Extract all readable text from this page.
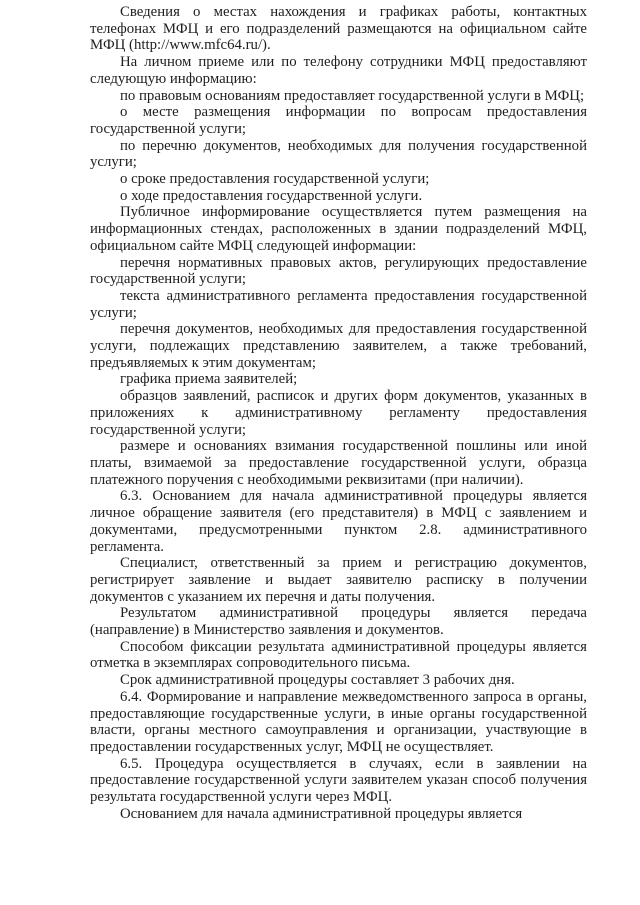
Сведения о местах нахождения и графиках работы, контактных телефонах МФЦ и его подразделений размещаются на официальном сайте МФЦ (http://www.mfc64.ru/).

На личном приеме или по телефону сотрудники МФЦ предоставляют следующую информацию:

по правовым основаниям предоставляет государственной услуги в МФЦ;

о месте размещения информации по вопросам предоставления государственной услуги;

по перечню документов, необходимых для получения государственной услуги;

о сроке предоставления государственной услуги;

о ходе предоставления государственной услуги.

Публичное информирование осуществляется путем размещения на информационных стендах, расположенных в здании подразделений МФЦ, официальном сайте МФЦ следующей информации:

перечня нормативных правовых актов, регулирующих предоставление государственной услуги;

текста административного регламента предоставления государственной услуги;

перечня документов, необходимых для предоставления государственной услуги, подлежащих представлению заявителем, а также требований, предъявляемых к этим документам;

графика приема заявителей;

образцов заявлений, расписок и других форм документов, указанных в приложениях к административному регламенту предоставления государственной услуги;

размере и основаниях взимания государственной пошлины или иной платы, взимаемой за предоставление государственной услуги, образца платежного поручения с необходимыми реквизитами (при наличии).

6.3. Основанием для начала административной процедуры является личное обращение заявителя (его представителя) в МФЦ с заявлением и документами, предусмотренными пунктом 2.8. административного регламента.

Специалист, ответственный за прием и регистрацию документов, регистрирует заявление и выдает заявителю расписку в получении документов с указанием их перечня и даты получения.

Результатом административной процедуры является передача (направление) в Министерство заявления и документов.

Способом фиксации результата административной процедуры является отметка в экземплярах сопроводительного письма.

Срок административной процедуры составляет 3 рабочих дня.

6.4. Формирование и направление межведомственного запроса в органы, предоставляющие государственные услуги, в иные органы государственной власти, органы местного самоуправления и организации, участвующие в предоставлении государственных услуг, МФЦ не осуществляет.

6.5. Процедура осуществляется в случаях, если в заявлении на предоставление государственной услуги заявителем указан способ получения результата государственной услуги через МФЦ.

Основанием для начала административной процедуры является
